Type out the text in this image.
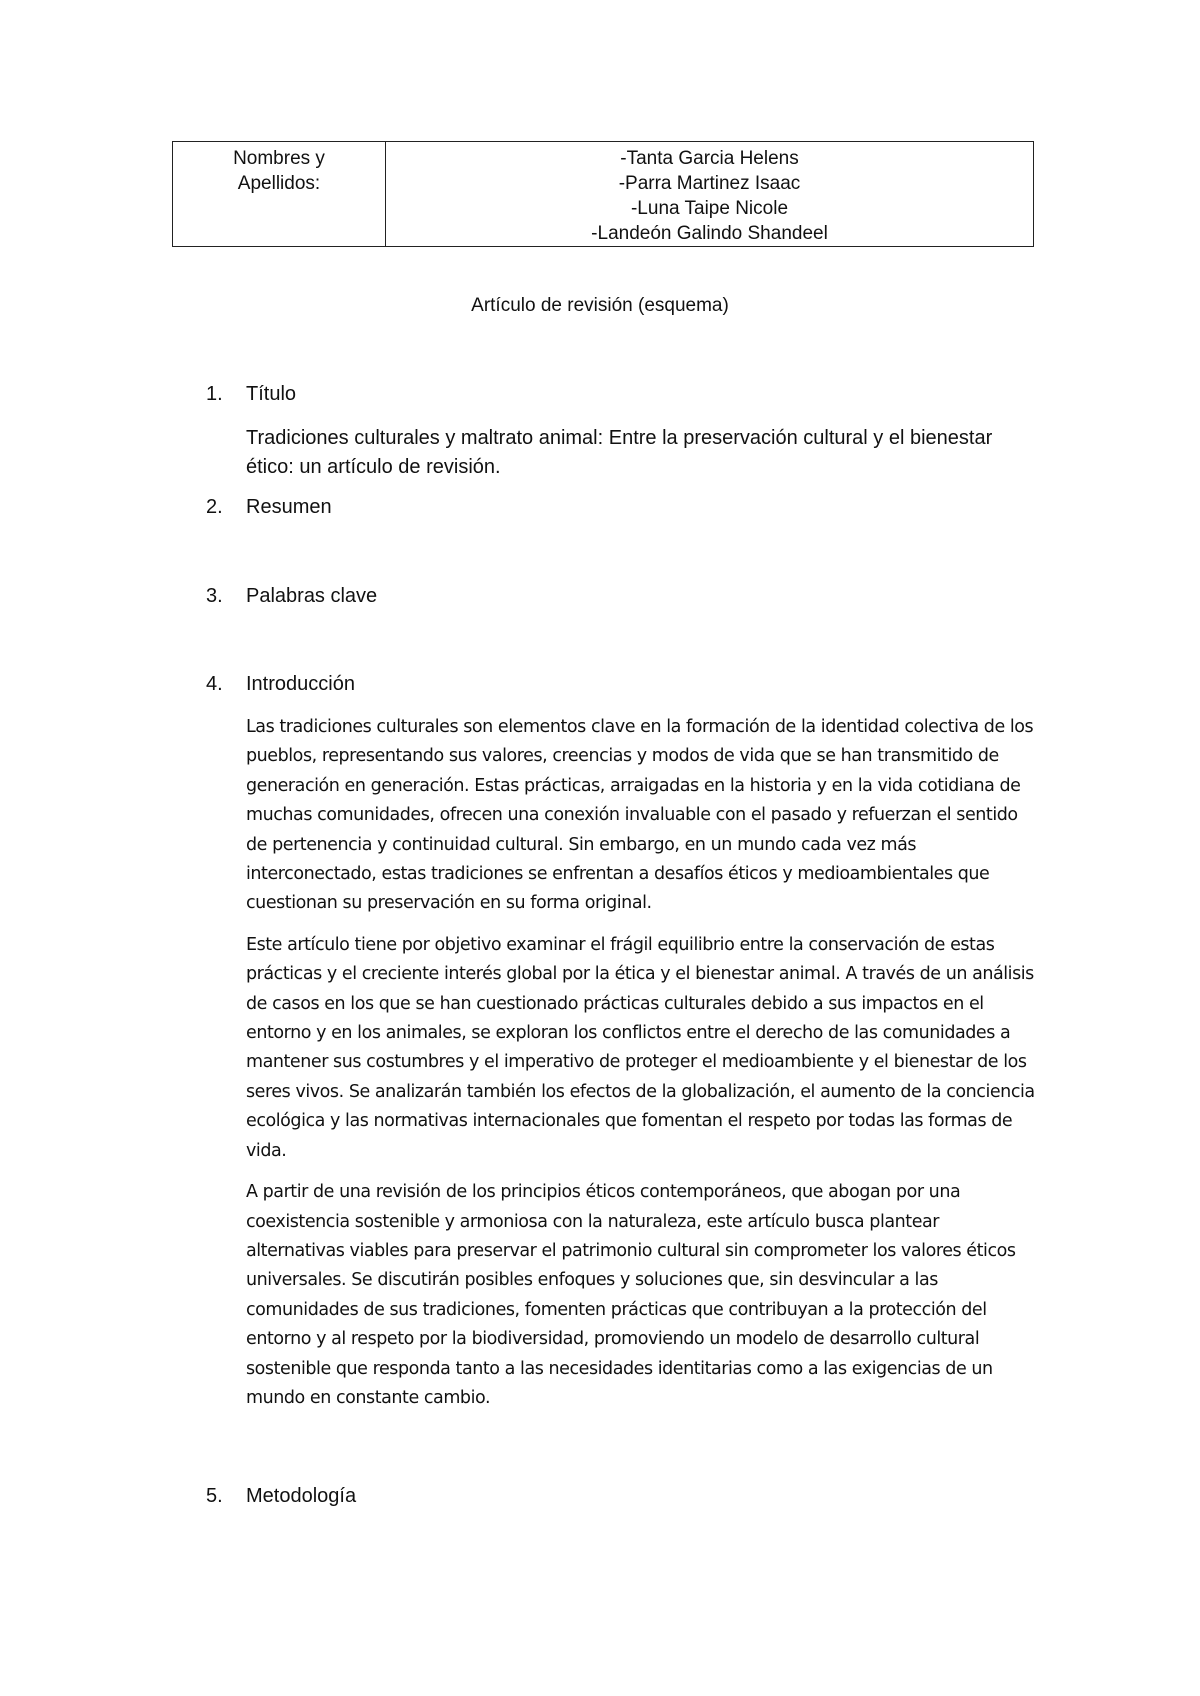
Nombres y
Apellidos:

-Tanta Garcia Helens
-Parra Martinez Isaac
-Luna Taipe Nicole
-Landeón Galindo Shandeel
Artículo de revisión (esquema)
1. Título
Tradiciones culturales y maltrato animal: Entre la preservación cultural y el bienestar ético: un artículo de revisión.
2. Resumen
3. Palabras clave
4. Introducción

Las tradiciones culturales son elementos clave en la formación de la identidad colectiva de los pueblos, representando sus valores, creencias y modos de vida que se han transmitido de generación en generación. Estas prácticas, arraigadas en la historia y en la vida cotidiana de muchas comunidades, ofrecen una conexión invaluable con el pasado y refuerzan el sentido de pertenencia y continuidad cultural. Sin embargo, en un mundo cada vez más interconectado, estas tradiciones se enfrentan a desafíos éticos y medioambientales que cuestionan su preservación en su forma original.

Este artículo tiene por objetivo examinar el frágil equilibrio entre la conservación de estas prácticas y el creciente interés global por la ética y el bienestar animal. A través de un análisis de casos en los que se han cuestionado prácticas culturales debido a sus impactos en el entorno y en los animales, se exploran los conflictos entre el derecho de las comunidades a mantener sus costumbres y el imperativo de proteger el medioambiente y el bienestar de los seres vivos. Se analizarán también los efectos de la globalización, el aumento de la conciencia ecológica y las normativas internacionales que fomentan el respeto por todas las formas de vida.

A partir de una revisión de los principios éticos contemporáneos, que abogan por una coexistencia sostenible y armoniosa con la naturaleza, este artículo busca plantear alternativas viables para preservar el patrimonio cultural sin comprometer los valores éticos universales. Se discutirán posibles enfoques y soluciones que, sin desvincular a las comunidades de sus tradiciones, fomenten prácticas que contribuyan a la protección del entorno y al respeto por la biodiversidad, promoviendo un modelo de desarrollo cultural sostenible que responda tanto a las necesidades identitarias como a las exigencias de un mundo en constante cambio.

5. Metodología
